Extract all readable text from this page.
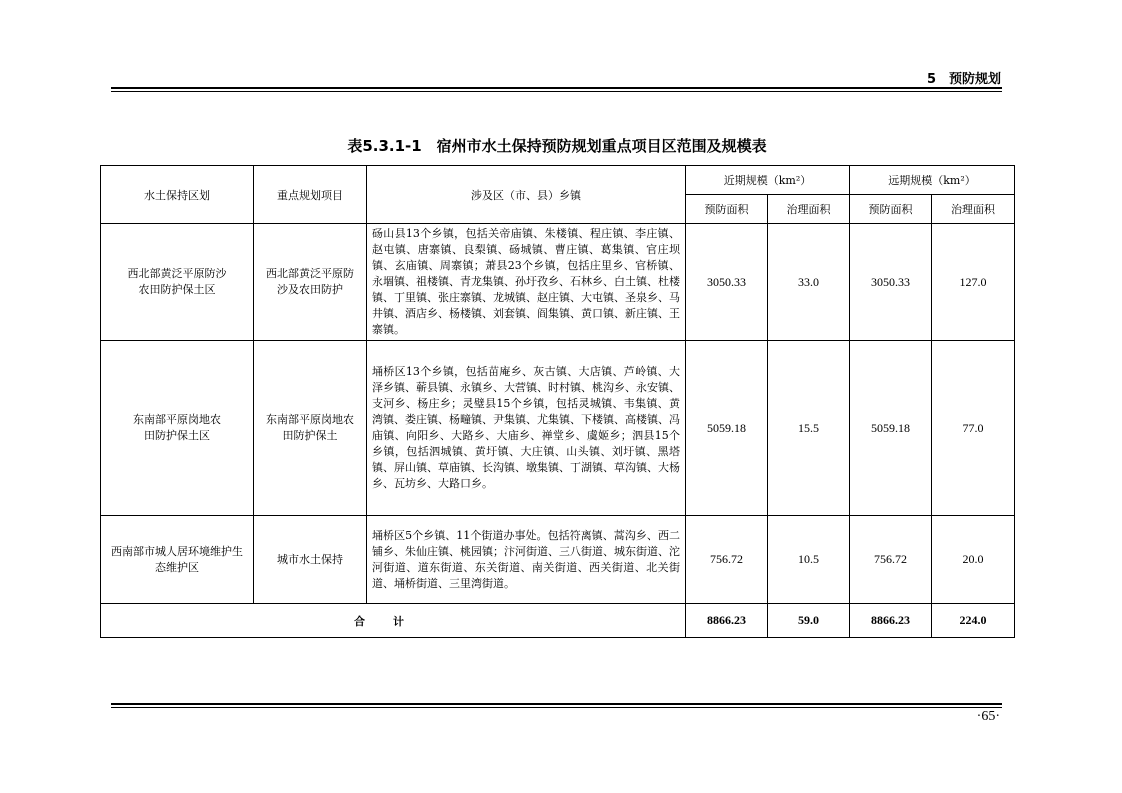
5　预防规划
表5.3.1-1　宿州市水土保持预防规划重点项目区范围及规模表
水土保持区划	重点规划项目	涉及区（市、县）乡镇	近期规模（km²）		远期规模（km²）	
			预防面积	治理面积	预防面积	治理面积
西北部黄泛平原防沙农田防护保土区	西北部黄泛平原防沙及农田防护	砀山县13个乡镇，包括关帝庙镇、朱楼镇、程庄镇、李庄镇、赵屯镇、唐寨镇、良梨镇、砀城镇、曹庄镇、葛集镇、官庄坝镇、玄庙镇、周寨镇；萧县23个乡镇，包括庄里乡、官桥镇、永堌镇、祖楼镇、青龙集镇、孙圩孜乡、石林乡、白土镇、杜楼镇、丁里镇、张庄寨镇、龙城镇、赵庄镇、大屯镇、圣泉乡、马井镇、酒店乡、杨楼镇、刘套镇、阎集镇、黄口镇、新庄镇、王寨镇。	3050.33	33.0	3050.33	127.0
东南部平原岗地农田防护保土区	东南部平原岗地农田防护保土	埇桥区13个乡镇，包括苗庵乡、灰古镇、大店镇、芦岭镇、大泽乡镇、蕲县镇、永镇乡、大营镇、时村镇、桃沟乡、永安镇、支河乡、杨庄乡；灵璧县15个乡镇，包括灵城镇、韦集镇、黄湾镇、娄庄镇、杨疃镇、尹集镇、尤集镇、下楼镇、高楼镇、冯庙镇、向阳乡、大路乡、大庙乡、禅堂乡、虞姬乡；泗县15个乡镇，包括泗城镇、黄圩镇、大庄镇、山头镇、刘圩镇、黑塔镇、屏山镇、草庙镇、长沟镇、墩集镇、丁湖镇、草沟镇、大杨乡、瓦坊乡、大路口乡。	5059.18	15.5	5059.18	77.0
西南部市城人居环境维护生态维护区	城市水土保持	埇桥区5个乡镇、11个街道办事处。包括符离镇、蒿沟乡、西二铺乡、朱仙庄镇、桃园镇；汴河街道、三八街道、城东街道、沱河街道、道东街道、东关街道、南关街道、西关街道、北关街道、埇桥街道、三里湾街道。	756.72	10.5	756.72	20.0
合计			8866.23	59.0	8866.23	224.0
·65·
